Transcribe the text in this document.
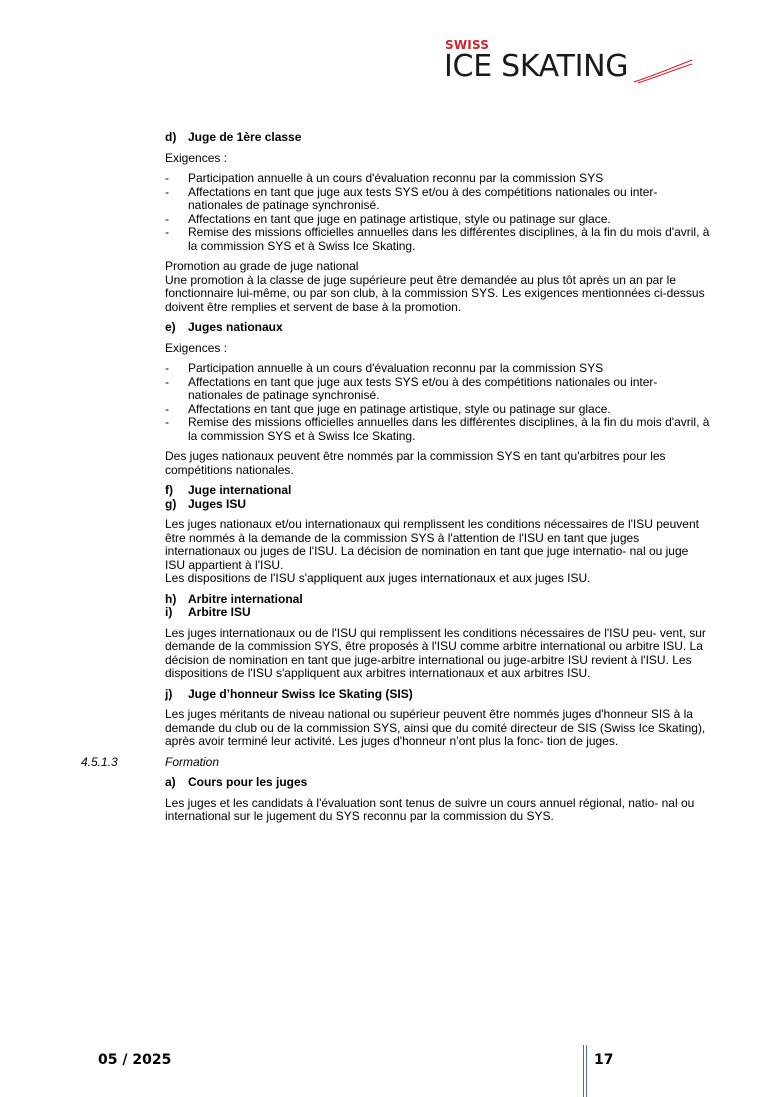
SWISS
ICE SKATING
d) Juge de 1ère classe

Exigences :

- Participation annuelle à un cours d'évaluation reconnu par la commission SYS
- Affectations en tant que juge aux tests SYS et/ou à des compétitions nationales ou inter- nationales de patinage synchronisé.
- Affectations en tant que juge en patinage artistique, style ou patinage sur glace.
- Remise des missions officielles annuelles dans les différentes disciplines, à la fin du mois d'avril, à la commission SYS et à Swiss Ice Skating.

Promotion au grade de juge national

Une promotion à la classe de juge supérieure peut être demandée au plus tôt après un an par le fonctionnaire lui-même, ou par son club, à la commission SYS. Les exigences mentionnées ci-dessus doivent être remplies et servent de base à la promotion.

e) Juges nationaux

Exigences :

- Participation annuelle à un cours d'évaluation reconnu par la commission SYS
- Affectations en tant que juge aux tests SYS et/ou à des compétitions nationales ou inter- nationales de patinage synchronisé.
- Affectations en tant que juge en patinage artistique, style ou patinage sur glace.
- Remise des missions officielles annuelles dans les différentes disciplines, à la fin du mois d'avril, à la commission SYS et à Swiss Ice Skating.

Des juges nationaux peuvent être nommés par la commission SYS en tant qu'arbitres pour les compétitions nationales.

f) Juge international
g) Juges ISU

Les juges nationaux et/ou internationaux qui remplissent les conditions nécessaires de l'ISU peuvent être nommés à la demande de la commission SYS à l'attention de l'ISU en tant que juges internationaux ou juges de l'ISU. La décision de nomination en tant que juge internatio- nal ou juge ISU appartient à l'ISU.

Les dispositions de l'ISU s'appliquent aux juges internationaux et aux juges ISU.

h) Arbitre international
i) Arbitre ISU

Les juges internationaux ou de l'ISU qui remplissent les conditions nécessaires de l'ISU peu- vent, sur demande de la commission SYS, être proposés à l'ISU comme arbitre international ou arbitre ISU. La décision de nomination en tant que juge-arbitre international ou juge-arbitre ISU revient à l'ISU. Les dispositions de l'ISU s'appliquent aux arbitres internationaux et aux arbitres ISU.

j) Juge d’honneur Swiss Ice Skating (SIS)

Les juges méritants de niveau national ou supérieur peuvent être nommés juges d'honneur SIS à la demande du club ou de la commission SYS, ainsi que du comité directeur de SIS (Swiss Ice Skating), après avoir terminé leur activité. Les juges d'honneur n’ont plus la fonc- tion de juges.

4.5.1.3	Formation
a) Cours pour les juges

Les juges et les candidats à l'évaluation sont tenus de suivre un cours annuel régional, natio- nal ou international sur le jugement du SYS reconnu par la commission du SYS.

05 / 2025	17
